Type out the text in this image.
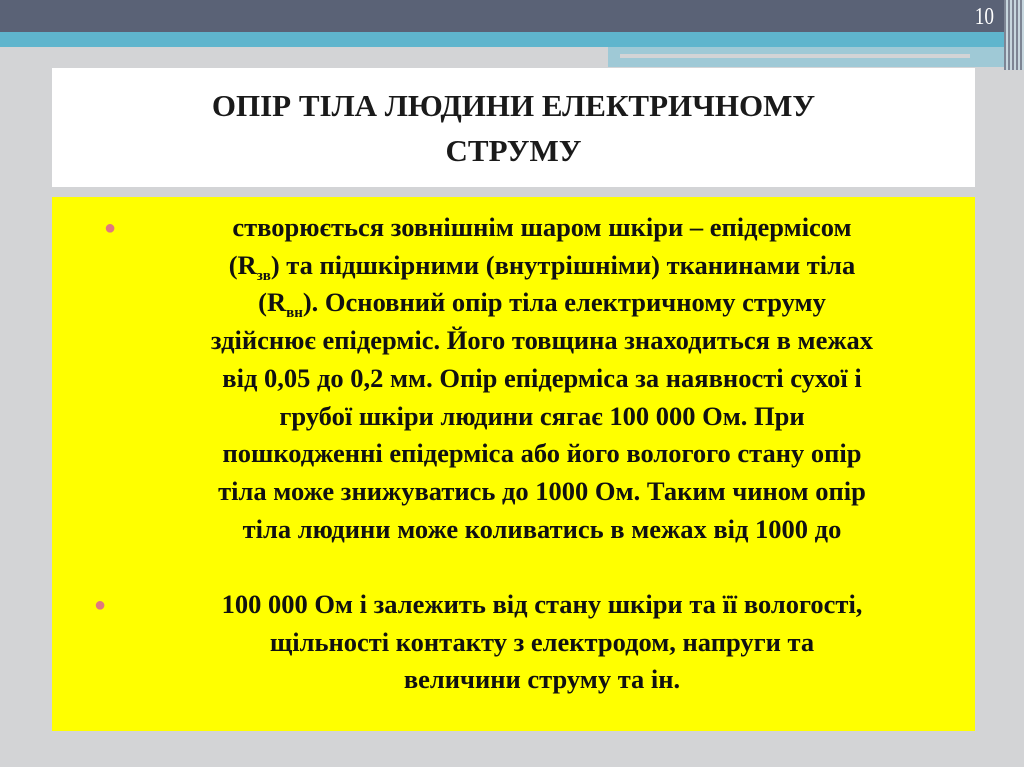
10
ОПІР ТІЛА ЛЮДИНИ ЕЛЕКТРИЧНОМУ СТРУМУ
●	створюється зовнішнім шаром шкіри – епідермісом
$(R_{зв})$ та підшкірними (внутрішніми) тканинами тіла
$(R_{вн})$. Основний опір тіла електричному струму
здійснює епідерміс. Його товщина знаходиться в межах
від 0,05 до 0,2 мм. Опір епідерміса за наявності сухої і
грубої шкіри людини сягає 100 000 Ом. При
пошкодженні епідерміса або його вологого стану опір
тіла може знижуватись до 1000 Ом. Таким чином опір
тіла людини може коливатись в межах від 1000 до
●	100 000 Ом і залежить від стану шкіри та її вологості,
щільності контакту з електродом, напруги та
величини струму та ін.
